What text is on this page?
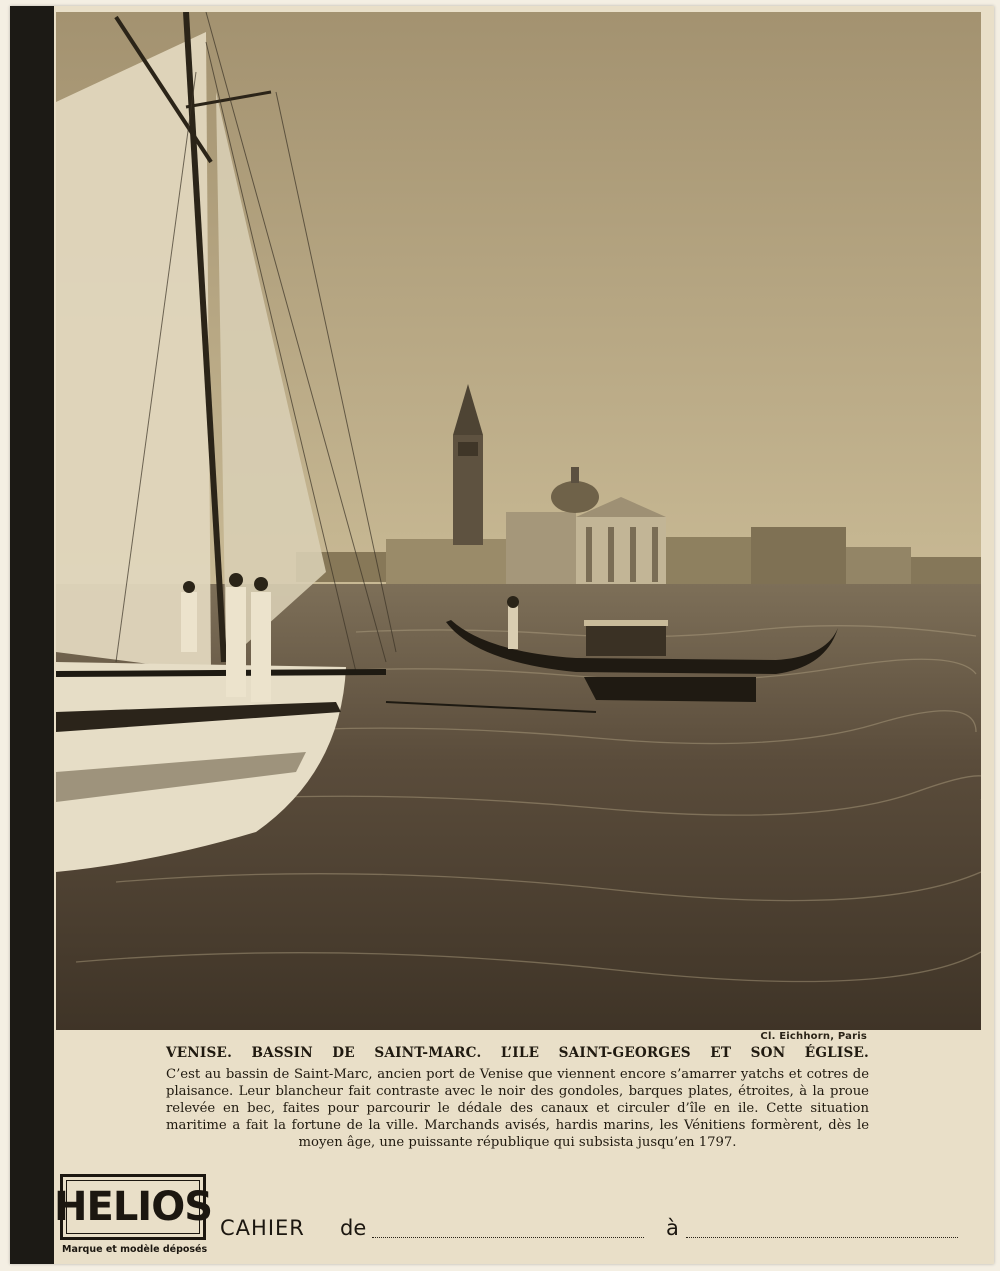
Cl. Eichhorn, Paris
VENISE. BASSIN DE SAINT-MARC. L’ILE SAINT-GEORGES ET SON ÉGLISE.
C’est au bassin de Saint-Marc, ancien port de Venise que viennent encore s’amarrer yatchs et cotres de plaisance. Leur blancheur fait contraste avec le noir des gondoles, barques plates, étroites, à la proue relevée en bec, faites pour parcourir le dédale des canaux et circuler d’île en ile. Cette situation maritime a fait la fortune de la ville. Marchands avisés, hardis marins, les Vénitiens formèrent, dès le moyen âge, une puissante république qui subsista jusqu’en 1797.
HELIOS
Marque et modèle déposés
CAHIER de	à
